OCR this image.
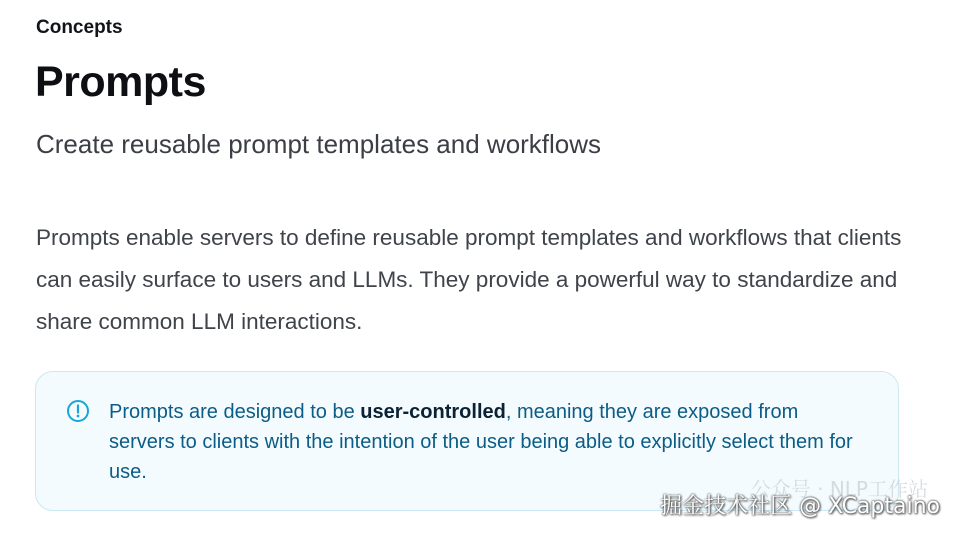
Concepts
Prompts

Create reusable prompt templates and workflows

Prompts enable servers to define reusable prompt templates and workflows that clients can easily surface to users and LLMs. They provide a powerful way to standardize and share common LLM interactions.

Prompts are designed to be user-controlled, meaning they are exposed from servers to clients with the intention of the user being able to explicitly select them for use.

公众号 · NLP工作站
掘金技术社区 @ XCaptaino
